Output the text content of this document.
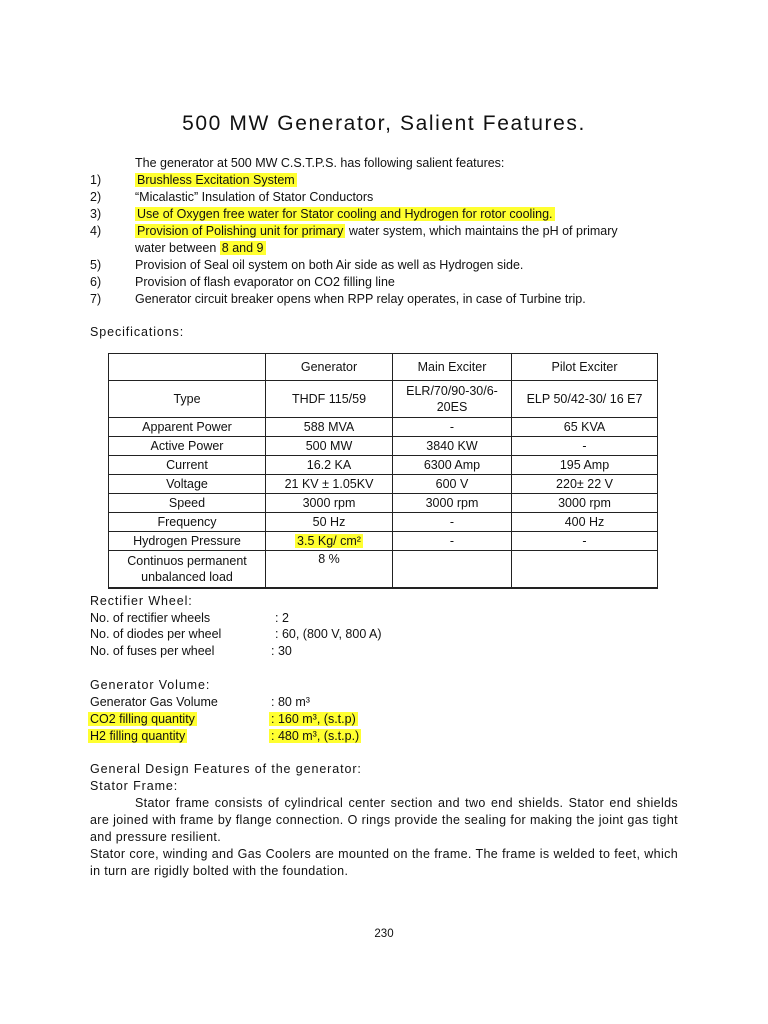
500 MW Generator, Salient Features.
The generator at 500 MW C.S.T.P.S. has following salient features:
1)	Brushless Excitation System
2)	“Micalastic” Insulation of Stator Conductors
3)	Use of Oxygen free water for Stator cooling and Hydrogen for rotor cooling.
4)	Provision of Polishing unit for primary water system, which maintains the pH of primary
water between 8 and 9
5)	Provision of Seal oil system on both Air side as well as Hydrogen side.
6)	Provision of flash evaporator on CO2 filling line
7)	Generator circuit breaker opens when RPP relay operates, in case of Turbine trip.
Specifications:
	Generator	Main Exciter	Pilot Exciter
Type	THDF 115/59	ELR/70/90-30/6-20ES	ELP 50/42-30/ 16 E7
Apparent Power	588 MVA	-	65 KVA
Active Power	500 MW	3840 KW	-
Current	16.2 KA	6300 Amp	195 Amp
Voltage	21 KV ± 1.05KV	600 V	220± 22 V
Speed	3000 rpm	3000 rpm	3000 rpm
Frequency	50 Hz	-	400 Hz
Hydrogen Pressure	3.5 Kg/ cm²	-	-
Continuos permanent unbalanced load	8 %		
Rectifier Wheel:
No. of rectifier wheels	: 2
No. of diodes per wheel	: 60, (800 V, 800 A)
No. of fuses per wheel	: 30
Generator Volume:
Generator Gas Volume	: 80 m³
CO2 filling quantity	: 160 m³, (s.t.p)
H2 filling quantity	: 480 m³, (s.t.p.)
General Design Features of the generator:
Stator Frame:
Stator frame consists of cylindrical center section and two end shields. Stator end shields are joined with frame by flange connection. O rings provide the sealing for making the joint gas tight and pressure resilient.
Stator core, winding and Gas Coolers are mounted on the frame. The frame is welded to feet, which in turn are rigidly bolted with the foundation.
230
